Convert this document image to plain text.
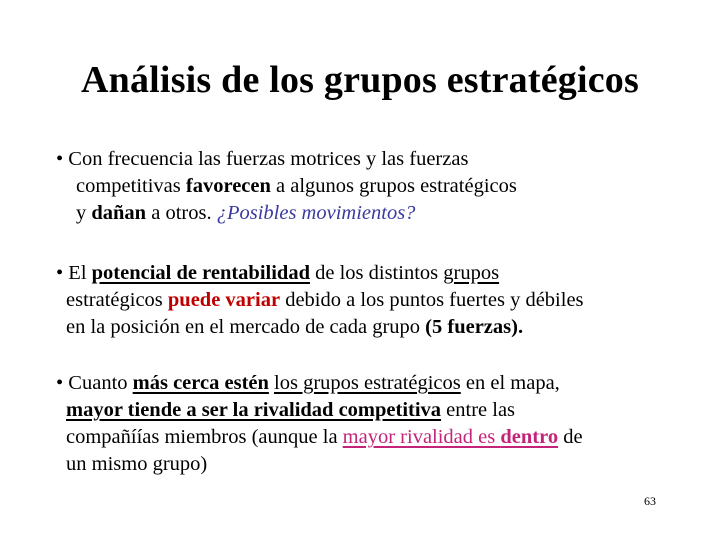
Análisis de los grupos estratégicos
• Con frecuencia las fuerzas motrices y las fuerzas
competitivas favorecen a algunos grupos estratégicos
y dañan a otros. ¿Posibles movimientos?
• El potencial de rentabilidad de los distintos grupos
estratégicos puede variar debido a los puntos fuertes y débiles
en la posición en el mercado de cada grupo (5 fuerzas).
• Cuanto más cerca estén los grupos estratégicos en el mapa,
mayor tiende a ser la rivalidad competitiva entre las
compañíías miembros (aunque la mayor rivalidad es dentro de
un mismo grupo)
63
